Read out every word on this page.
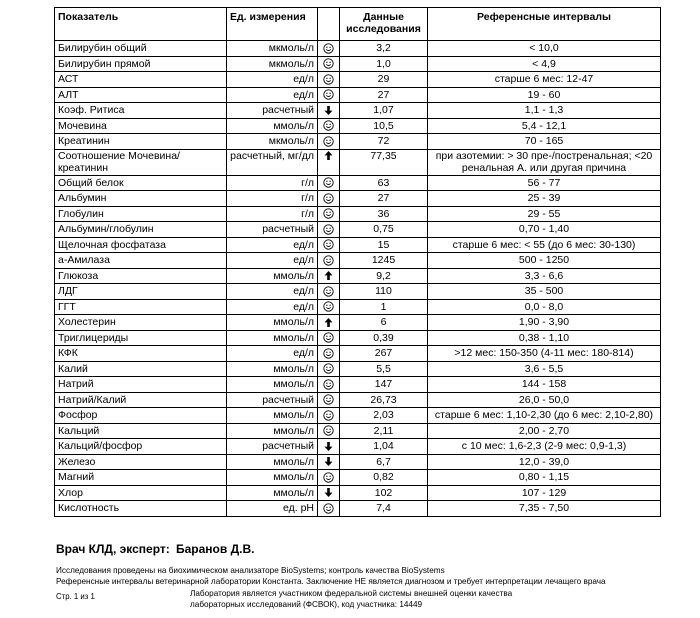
Показатель	Ед. измерения		Данные исследования	Референсные интервалы
Билирубин общий	мкмоль/л		3,2	< 10,0
Билирубин прямой	мкмоль/л		1,0	< 4,9
АСТ	ед/л		29	старше 6 мес: 12-47
АЛТ	ед/л		27	19 - 60
Коэф. Ритиса	расчетный		1,07	1,1 - 1,3
Мочевина	ммоль/л		10,5	5,4 - 12,1
Креатинин	мкмоль/л		72	70 - 165
Соотношение Мочевина/креатинин	расчетный, мг/дл		77,35	при азотемии: > 30 пре-/постренальная; <20 ренальная А. или другая причина
Общий белок	г/л		63	56 - 77
Альбумин	г/л		27	25 - 39
Глобулин	г/л		36	29 - 55
Альбумин/глобулин	расчетный		0,75	0,70 - 1,40
Щелочная фосфатаза	ед/л		15	старше 6 мес: < 55 (до 6 мес: 30-130)
а-Амилаза	ед/л		1245	500 - 1250
Глюкоза	ммоль/л		9,2	3,3 - 6,6
ЛДГ	ед/л		110	35 - 500
ГГТ	ед/л		1	0,0 - 8,0
Холестерин	ммоль/л		6	1,90 - 3,90
Триглицериды	ммоль/л		0,39	0,38 - 1,10
КФК	ед/л		267	>12 мес: 150-350 (4-11 мес: 180-814)
Калий	ммоль/л		5,5	3,6 - 5,5
Натрий	ммоль/л		147	144 - 158
Натрий/Калий	расчетный		26,73	26,0 - 50,0
Фосфор	ммоль/л		2,03	старше 6 мес: 1,10-2,30 (до 6 мес: 2,10-2,80)
Кальций	ммоль/л		2,11	2,00 - 2,70
Кальций/фосфор	расчетный		1,04	с 10 мес: 1,6-2,3 (2-9 мес: 0,9-1,3)
Железо	ммоль/л		6,7	12,0 - 39,0
Магний	ммоль/л		0,82	0,80 - 1,15
Хлор	ммоль/л		102	107 - 129
Кислотность	ед. pH		7,4	7,35 - 7,50
Врач КЛД, эксперт: Баранов Д.В.
Исследования проведены на биохимическом анализаторе BioSystems; контроль качества BioSystems
Референсные интервалы ветеринарной лаборатории Константа. Заключение НЕ является диагнозом и требует интерпретации лечащего врача
Стр. 1 из 1	Лаборатория является участником федеральной системы внешней оценки качества
лабораторных исследований (ФСВОК), код участника: 14449
